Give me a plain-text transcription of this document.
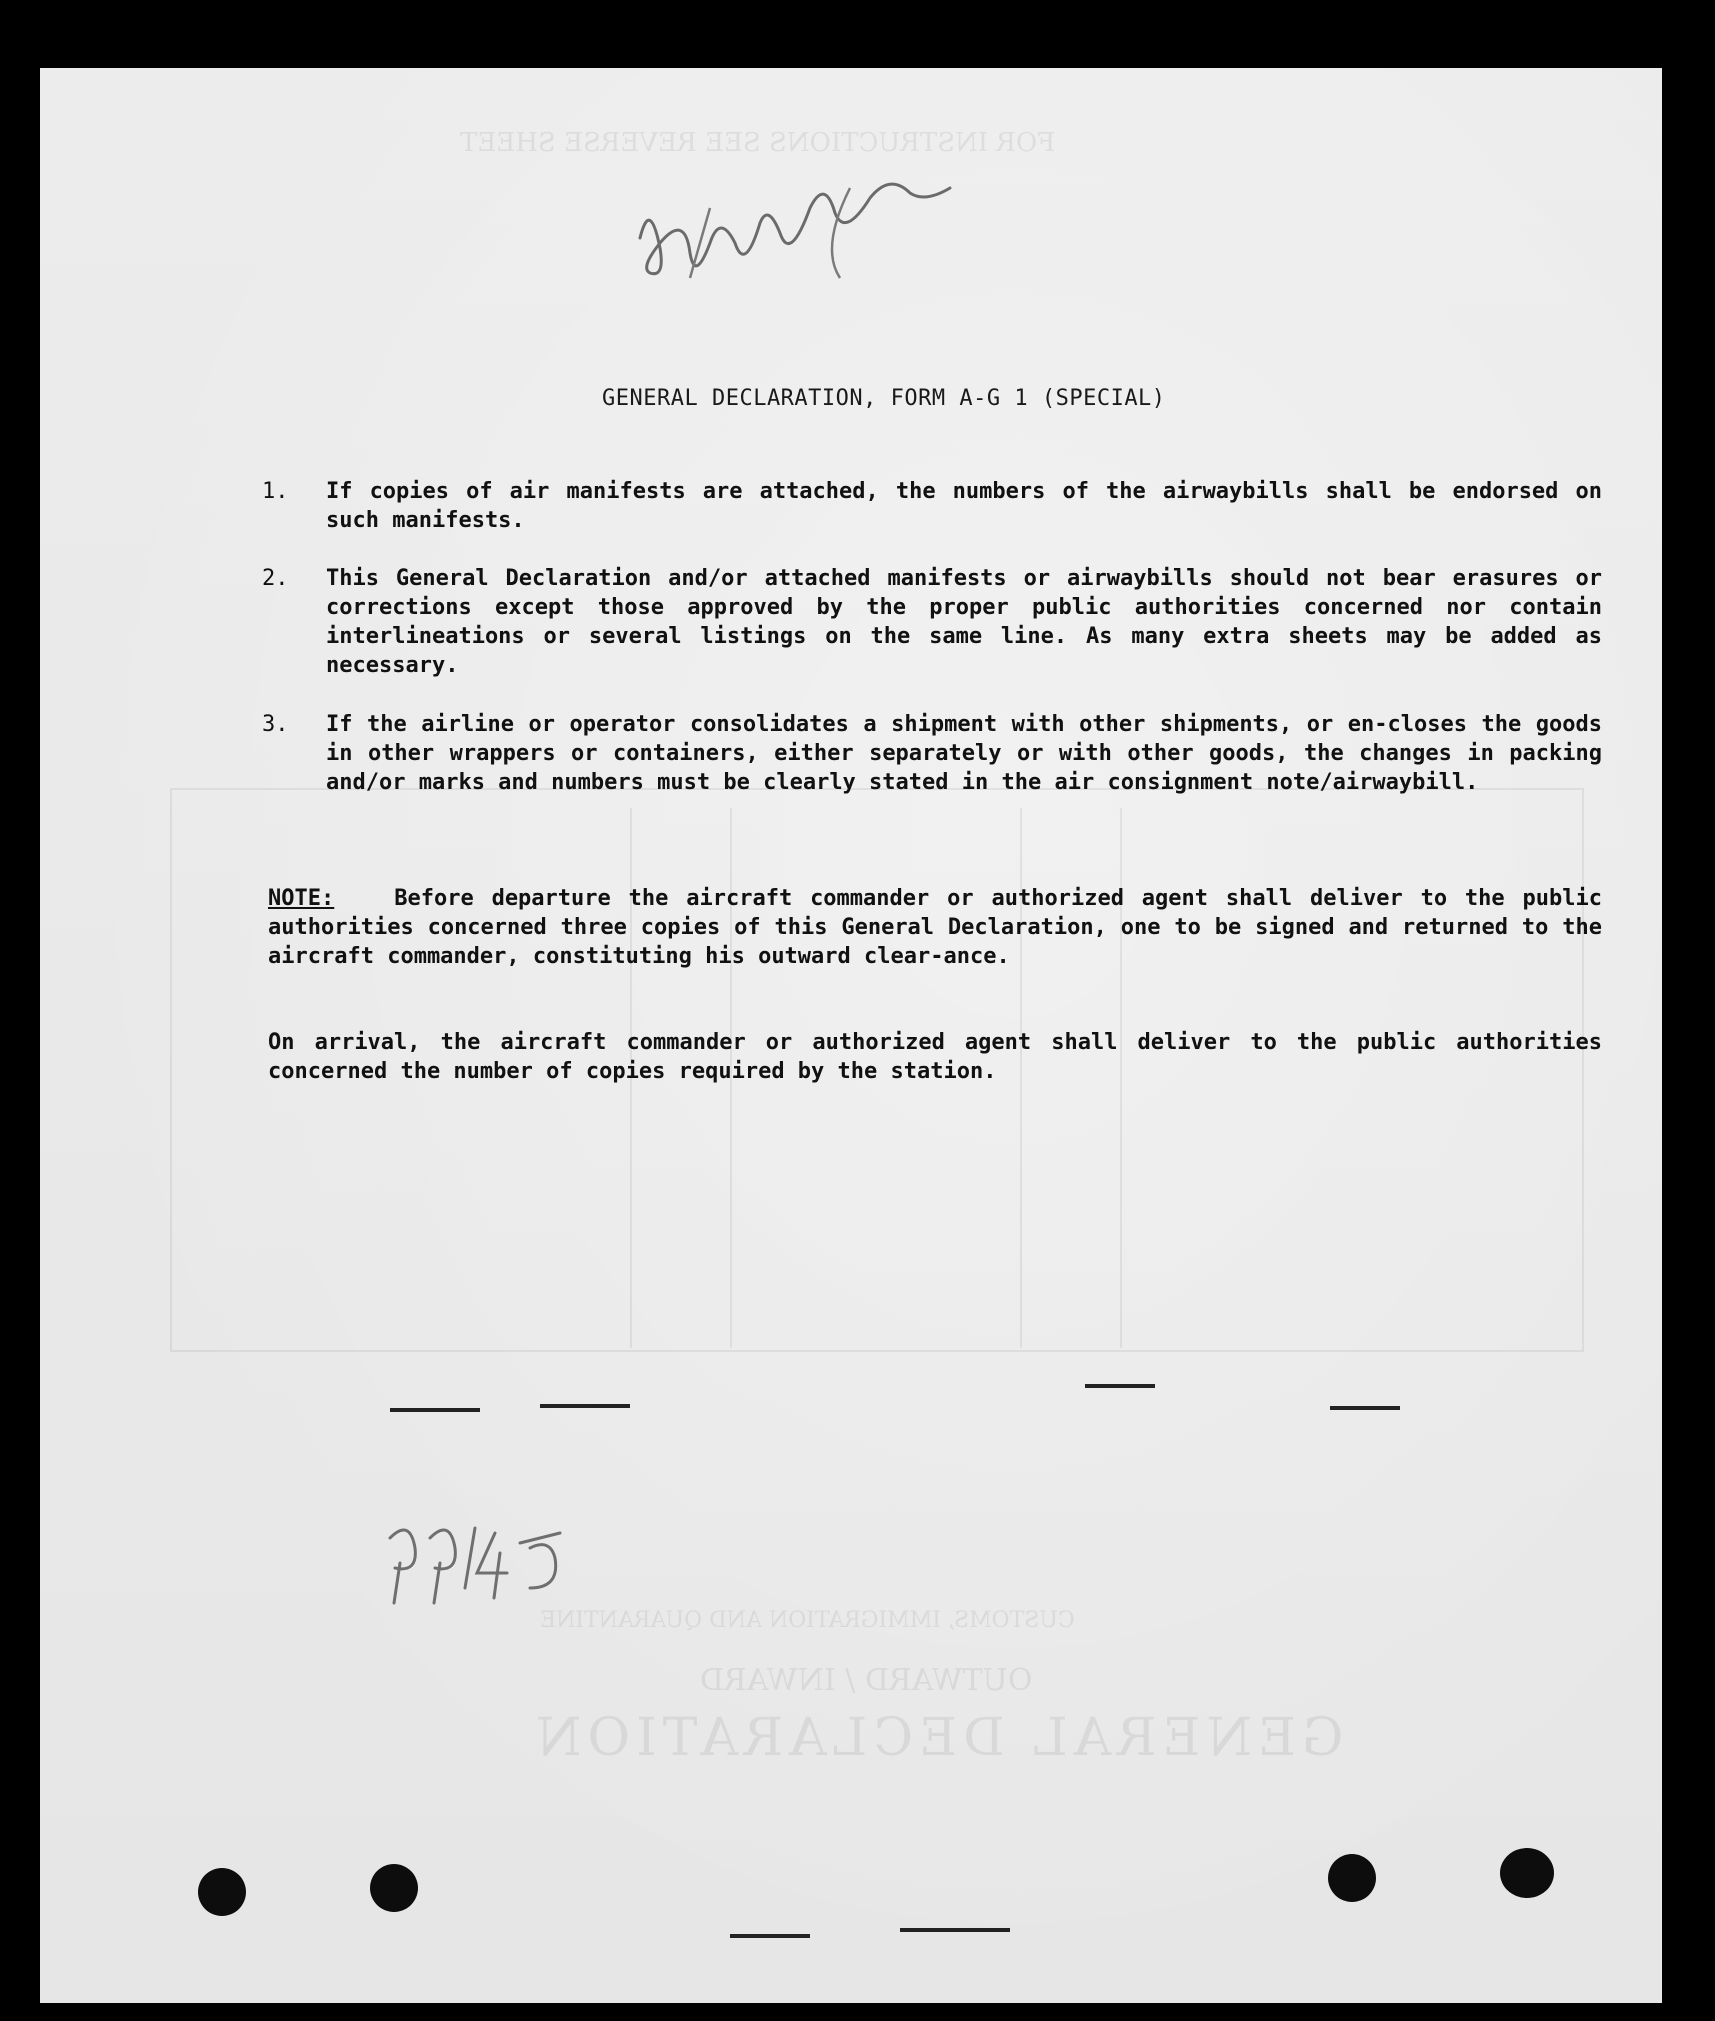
GENERAL DECLARATION
OUTWARD / INWARD
CUSTOMS, IMMIGRATION AND QUARANTINE
FOR INSTRUCTIONS SEE REVERSE SHEET
GENERAL DECLARATION, FORM A-G 1 (SPECIAL)
1. If copies of air manifests are attached, the numbers of the airwaybills shall be endorsed on such manifests.
2. This General Declaration and/or attached manifests or airwaybills should not bear erasures or corrections except those approved by the proper public authorities concerned nor contain interlineations or several listings on the same line. As many extra sheets may be added as necessary.
3. If the airline or operator consolidates a shipment with other shipments, or en-closes the goods in other wrappers or containers, either separately or with other goods, the changes in packing and/or marks and numbers must be clearly stated in the air consignment note/airwaybill.
NOTE:	Before departure the aircraft commander or authorized agent shall deliver to the public authorities concerned three copies of this General Declaration, one to be signed and returned to the aircraft commander, constituting his outward clear-ance.
On arrival, the aircraft commander or authorized agent shall deliver to the public authorities concerned the number of copies required by the station.
